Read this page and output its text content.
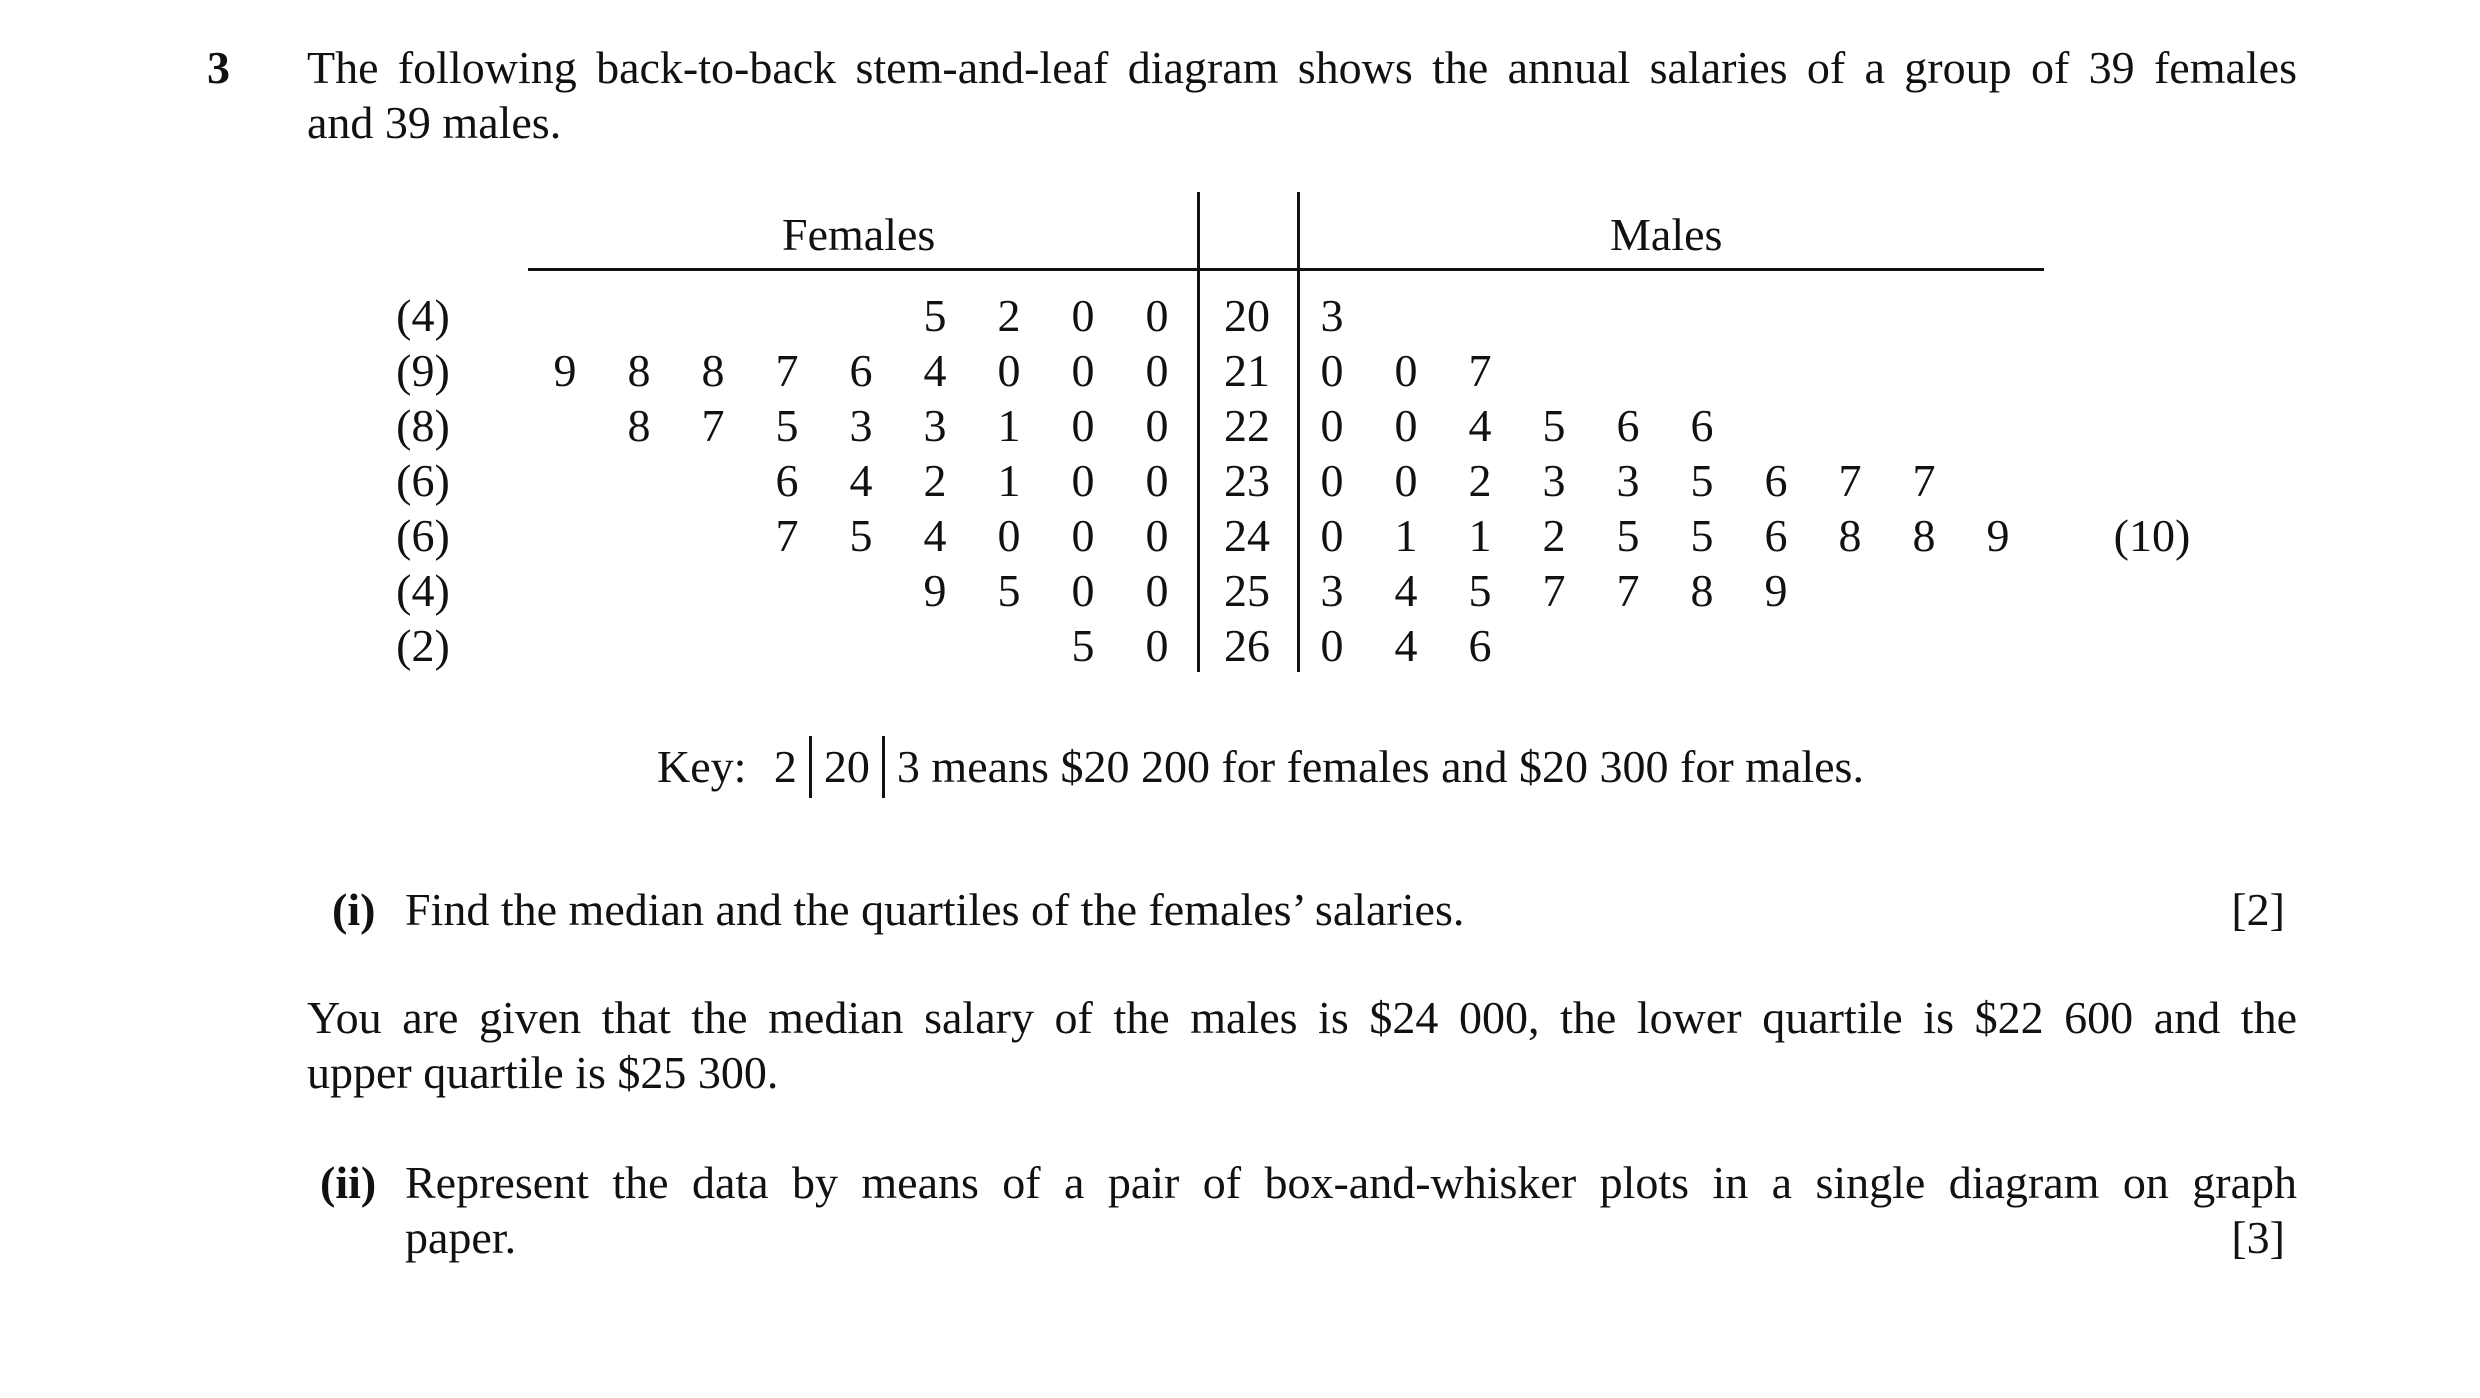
3 The following back-to-back stem-and-leaf diagram shows the annual salaries of a group of 39 females
and 39 males.
Females	Males
(4)	5	2	0	0	20	3
(9)	9	8	8	7	6	4	0	0	0	21	0	0	7
(8)	8	7	5	3	3	1	0	0	22	0	0	4	5	6	6
(6)	6	4	2	1	0	0	23	0	0	2	3	3	5	6	7	7
(6)	7	5	4	0	0	0	24	0	1	1	2	5	5	6	8	8	9	(10)
(4)	9	5	0	0	25	3	4	5	7	7	8	9
(2)	5	0	26	0	4	6
Key: 2 20 3 means $20 200 for females and $20 300 for males.
(i) Find the median and the quartiles of the females’ salaries.	[2]
You are given that the median salary of the males is $24 000, the lower quartile is $22 600 and the
upper quartile is $25 300.
(ii) Represent the data by means of a pair of box-and-whisker plots in a single diagram on graph
paper.	[3]
